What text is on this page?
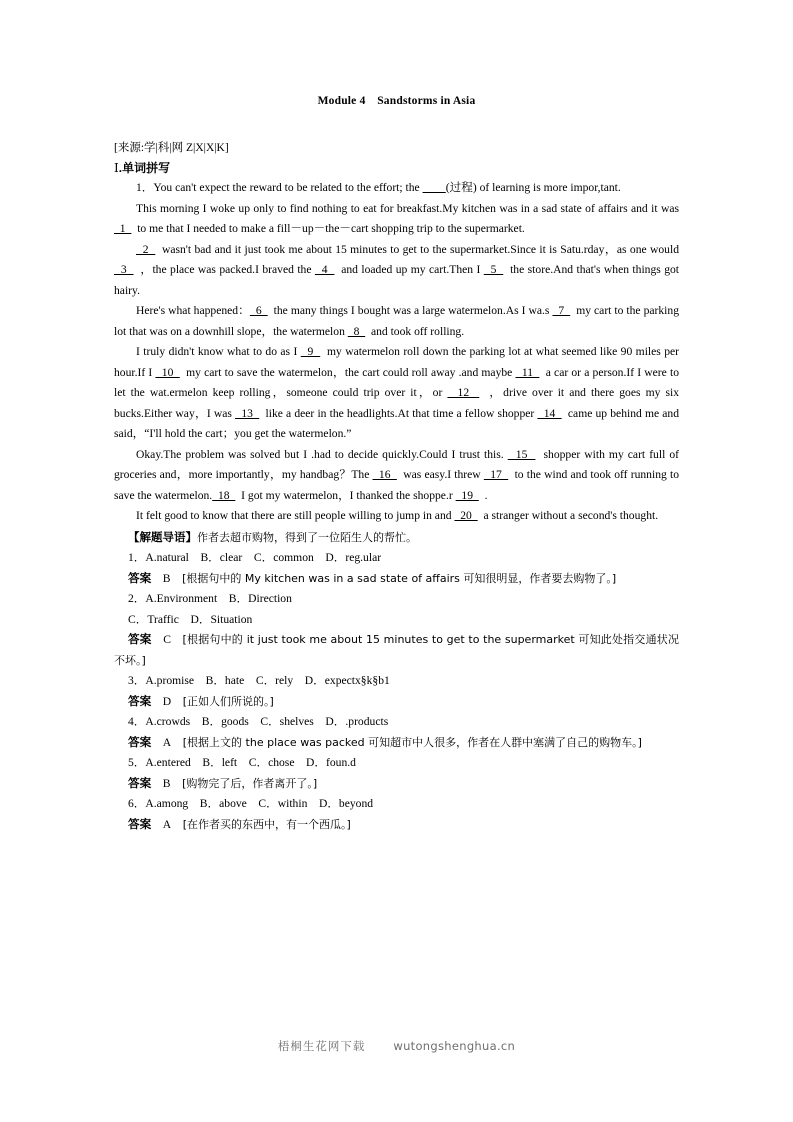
Module 4　Sandstorms in Asia
[来源:学|科|网 Z|X|X|K]
Ⅰ.单词拼写

1．You can't expect the reward to be related to the effort; the         (过程) of learning is more impor,tant.

This morning I woke up only to find nothing to eat for breakfast.My kitchen was in a sad state of affairs and it was   1    to me that I needed to make a fill－up－the－cart shopping trip to the supermarket.

2    wasn't bad and it just took me about 15 minutes to get to the supermarket.Since it is Satu.rday，as one would   3    ，the place was packed.I braved the   4    and loaded up my cart.Then I   5    the store.And that's when things got hairy.

Here's what happened：  6    the many things I bought was a large watermelon.As I wa.s   7    my cart to the parking lot that was on a downhill slope，the watermelon   8    and took off rolling.

I truly didn't know what to do as I   9    my watermelon roll down the parking lot at what seemed like 90 miles per hour.If I   10    my cart to save the watermelon，the cart could roll away .and maybe   11    a car or a person.If I were to let the wat.ermelon keep rolling，someone could trip over it，or   12    ，drive over it and there goes my six bucks.Either way，I was   13    like a deer in the headlights.At that time a fellow shopper   14    came up behind me and said，“I'll hold the cart；you get the watermelon.”

Okay.The problem was solved but I .had to decide quickly.Could I trust this.   15    shopper with my cart full of groceries and，more importantly，my handbag？The   16    was easy.I threw   17    to the wind and took off running to save the watermelon.  18    I got my watermelon，I thanked the shoppe.r   19    .

It felt good to know that there are still people willing to jump in and   20    a stranger without a second's thought.

【解题导语】作者去超市购物，得到了一位陌生人的帮忙。

1．A.natural　B．clear　C．common　D．reg.ular

答案 B  [根据句中的 My kitchen was in a sad state of affairs 可知很明显，作者要去购物了。]

2．A.Environment　B．Direction

C．Traffic　D．Situation

答案 C  [根据句中的 it just took me about 15 minutes to get to the supermarket 可知此处指交通状况不坏。]

3．A.promise　B．hate　C．rely　D．expectx§k§b1

答案 D  [正如人们所说的。]

4．A.crowds　B．goods　C．shelves　D．.products

答案 A  [根据上文的 the place was packed 可知超市中人很多，作者在人群中塞满了自己的购物车。]

5．A.entered　B．left　C．chose　D．foun.d

答案 B  [购物完了后，作者离开了。]

6．A.among　B．above　C．within　D．beyond

答案 A  [在作者买的东西中，有一个西瓜。]

梧桐生花网下载 wutongshenghua.cn
